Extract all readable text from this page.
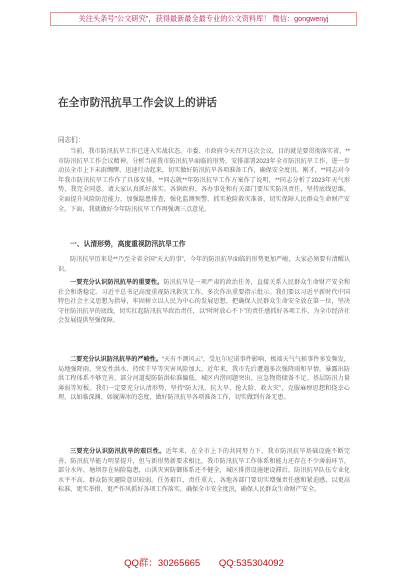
关注头条号"公文研究"，获得最新最全最专业的公文资料库！ 微信：gongwenyj
在全市防汛抗旱工作会议上的讲话
同志们：

当前，我市防汛抗旱工作已进入实战状态。市委、市政府今天召开这次会议，目的就是要贯彻落实省、**市防汛抗旱工作会议精神，分析当前我市防汛抗旱面临的形势，安排部署2023年全市防汛抗旱工作，进一步动员全市上下未雨绸缪、迅速行动起来，切实做好防汛抗旱各项准备工作，确保安全度汛。刚才，**同志对今年我市防汛抗旱工作作了具体安排，**同志就**年防汛抗旱工作方案作了说明，**同志分析了2023年天气形势，我完全同意。请大家认真抓好落实。各镇政府、各办事处和有关部门要压实防汛责任，坚持底线思维，全面提升风险防范能力，加强隐患排查，强化监测预警，抓实抢险救灾准备，切实保障人民群众生命财产安全。下面，我就做好今年防汛抗旱工作再强调三点意见。

一、认清形势，高度重视防汛抗旱工作

防汛抗旱历来是**乃至全省全国“天大的事”，今年的防汛抗旱面临的形势更加严峻，大家必须要有清醒认识。

一要充分认识防汛抗旱的重要性。防汛抗旱是一项严肃的政治任务，直接关系人民群众生命财产安全和社会和谐稳定。习近平总书记高度重视防汛救灾工作，多次作出重要指示批示。我们要以习近平新时代中国特色社会主义思想为指导，牢固树立以人民为中心的发展思想，把确保人民群众生命安全放在第一位，坚决守住防汛抗旱的底线，切实扛起防汛抗旱政治责任，以“时时放心不下”的责任感抓好各项工作，为全市经济社会发展提供坚强保障。

二要充分认识防汛抗旱的严峻性。“天有不测风云”，受厄尔尼诺事件影响，极端天气气候事件多发频发，局地强降雨、突发性洪水、持续干旱等灾害风险加大。近年来，我市先后遭遇多次强降雨和旱情，暴露出防洪工程体系不够完善、部分河道堤防防洪标准偏低、城区内涝问题突出、应急物资储备不足、基层防汛力量薄弱等短板。我们一定要充分认清形势，坚持“防大汛、抗大旱、抢大险、救大灾”，克服麻痹思想和侥幸心理，以如临深渊、如履薄冰的态度，做好防汛抗旱各项准备工作，切实做到有备无患。

三要充分认识防汛抗旱的艰巨性。近年来，在全市上下的共同努力下，我市防汛抗旱基础设施不断完善，防汛抗旱能力明显提升，但与新形势新要求相比，我市防汛抗旱工作体系和能力还存在不少薄弱环节，部分水库、塘坝存在病险隐患，山洪灾害防御体系还不健全，城区排涝设施建设滞后，防汛抗旱队伍专业化水平不高，群众防灾避险意识较弱。任务艰巨，责任重大，各地各部门要切实增强责任感和紧迫感，以更高标准、更实举措、更严作风抓好各项工作落实，确保全市安全度汛，确保人民群众生命财产安全。

QQ群：30265665 QQ:535304092
